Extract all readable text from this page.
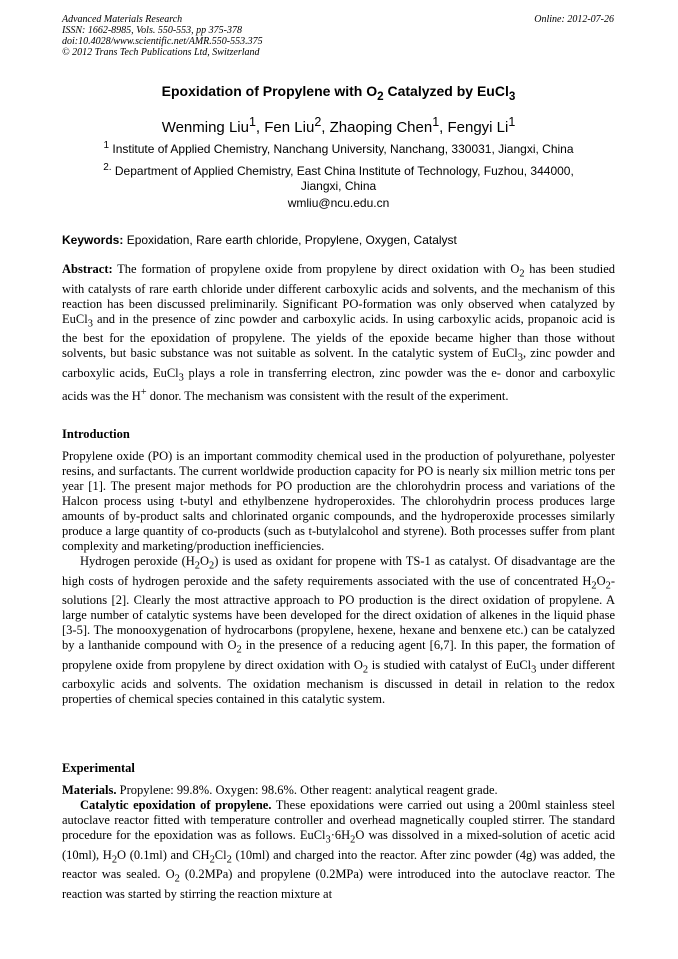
Advanced Materials Research
ISSN: 1662-8985, Vols. 550-553, pp 375-378
doi:10.4028/www.scientific.net/AMR.550-553.375
© 2012 Trans Tech Publications Ltd, Switzerland
Online: 2012-07-26
Epoxidation of Propylene with $O_2$ Catalyzed by EuCl$_3$
Wenming Liu$^1$, Fen Liu$^2$, Zhaoping Chen$^1$, Fengyi Li$^1$
$^1$ Institute of Applied Chemistry, Nanchang University, Nanchang, 330031, Jiangxi, China
$^{2.}$ Department of Applied Chemistry, East China Institute of Technology, Fuzhou, 344000, Jiangxi, China
wmliu@ncu.edu.cn
Keywords: Epoxidation, Rare earth chloride, Propylene, Oxygen, Catalyst

Abstract: The formation of propylene oxide from propylene by direct oxidation with $O_2$ has been studied with catalysts of rare earth chloride under different carboxylic acids and solvents, and the mechanism of this reaction has been discussed preliminarily. Significant PO-formation was only observed when catalyzed by EuCl$_3$ and in the presence of zinc powder and carboxylic acids. In using carboxylic acids, propanoic acid is the best for the epoxidation of propylene. The yields of the epoxide became higher than those without solvents, but basic substance was not suitable as solvent. In the catalytic system of EuCl$_3$, zinc powder and carboxylic acids, EuCl$_3$ plays a role in transferring electron, zinc powder was the e- donor and carboxylic acids was the H+ donor. The mechanism was consistent with the result of the experiment.

Introduction

Propylene oxide (PO) is an important commodity chemical used in the production of polyurethane, polyester resins, and surfactants. The current worldwide production capacity for PO is nearly six million metric tons per year [1]. The present major methods for PO production are the chlorohydrin process and variations of the Halcon process using t-butyl and ethylbenzene hydroperoxides. The chlorohydrin process produces large amounts of by-product salts and chlorinated organic compounds, and the hydroperoxide processes similarly produce a large quantity of co-products (such as t-butylalcohol and styrene). Both processes suffer from plant complexity and marketing/production inefficiencies.

Hydrogen peroxide $(H_2O_2)$ is used as oxidant for propene with TS-1 as catalyst. Of disadvantage are the high costs of hydrogen peroxide and the safety requirements associated with the use of concentrated $H_2O_2$-solutions [2]. Clearly the most attractive approach to PO production is the direct oxidation of propylene. A large number of catalytic systems have been developed for the direct oxidation of alkenes in the liquid phase [3-5]. The monooxygenation of hydrocarbons (propylene, hexene, hexane and benxene etc.) can be catalyzed by a lanthanide compound with $O_2$ in the presence of a reducing agent [6,7]. In this paper, the formation of propylene oxide from propylene by direct oxidation with $O_2$ is studied with catalyst of EuCl$_3$ under different carboxylic acids and solvents. The oxidation mechanism is discussed in detail in relation to the redox properties of chemical species contained in this catalytic system.

Experimental

Materials. Propylene: 99.8%. Oxygen: 98.6%. Other reagent: analytical reagent grade.

Catalytic epoxidation of propylene. These epoxidations were carried out using a 200ml stainless steel autoclave reactor fitted with temperature controller and overhead magnetically coupled stirrer. The standard procedure for the epoxidation was as follows. $EuCl_3\cdot 6H_2O$ was dissolved in a mixed-solution of acetic acid (10ml), $H_2O$ (0.1ml) and $CH_2Cl_2$ (10ml) and charged into the reactor. After zinc powder (4g) was added, the reactor was sealed. $O_2$ (0.2MPa) and propylene (0.2MPa) were introduced into the autoclave reactor. The reaction was started by stirring the reaction mixture at
